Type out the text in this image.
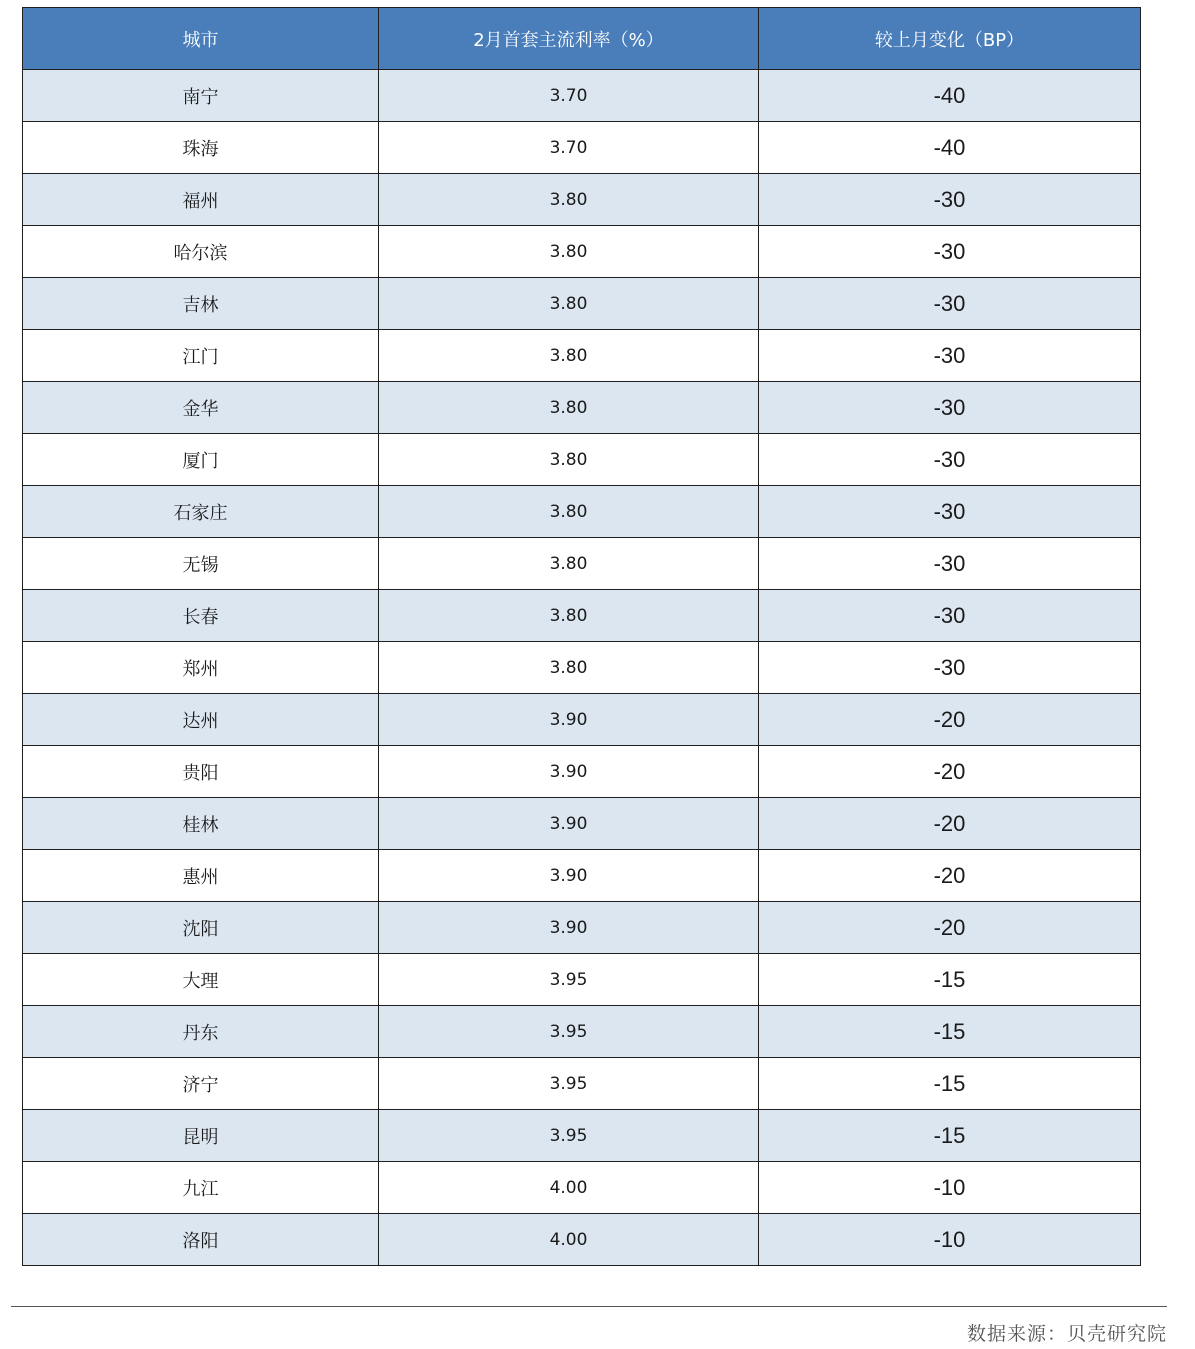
城市	2月首套主流利率（%）	较上月变化（BP）
南宁	3.70	-40
珠海	3.70	-40
福州	3.80	-30
哈尔滨	3.80	-30
吉林	3.80	-30
江门	3.80	-30
金华	3.80	-30
厦门	3.80	-30
石家庄	3.80	-30
无锡	3.80	-30
长春	3.80	-30
郑州	3.80	-30
达州	3.90	-20
贵阳	3.90	-20
桂林	3.90	-20
惠州	3.90	-20
沈阳	3.90	-20
大理	3.95	-15
丹东	3.95	-15
济宁	3.95	-15
昆明	3.95	-15
九江	4.00	-10
洛阳	4.00	-10
数据来源：贝壳研究院
